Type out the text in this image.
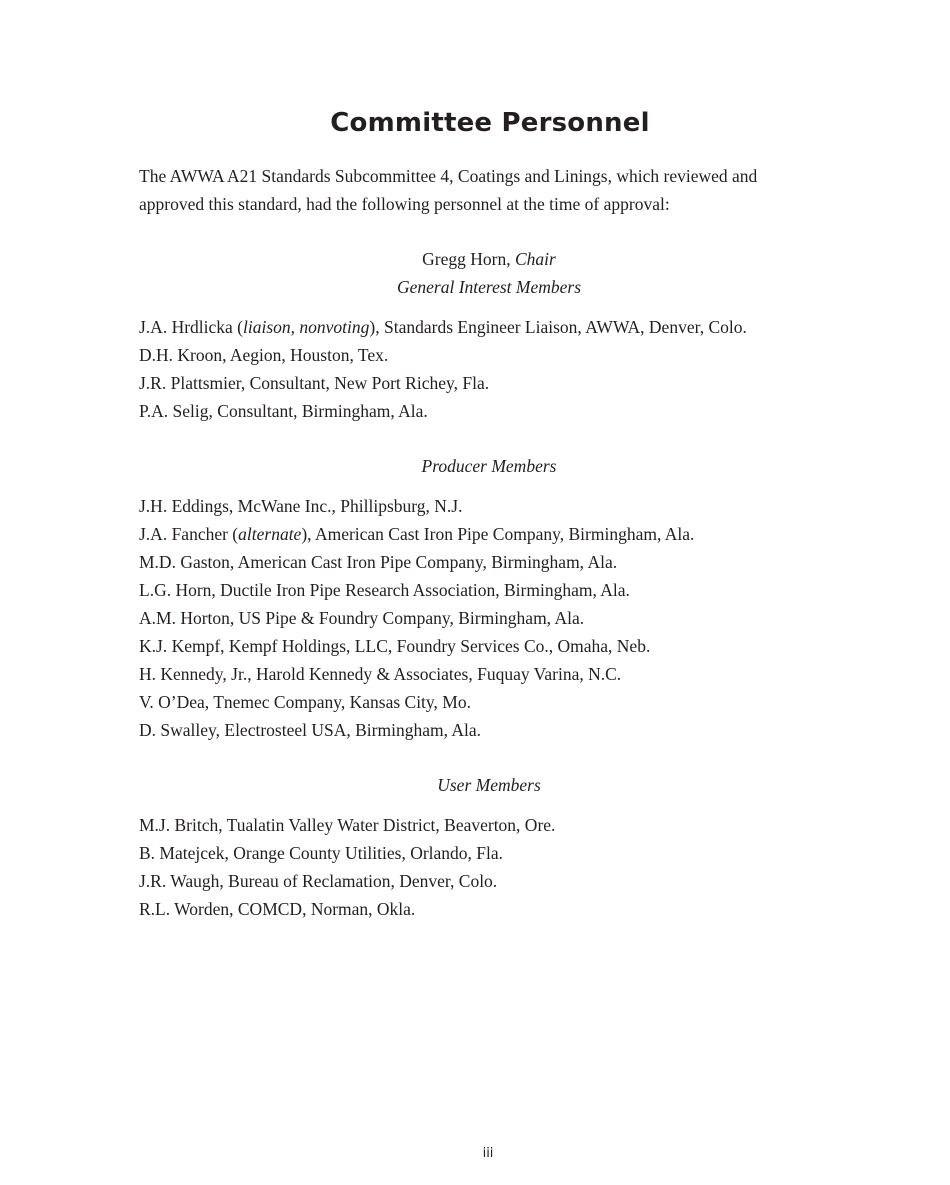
Committee Personnel

The AWWA A21 Standards Subcommittee 4, Coatings and Linings, which reviewed and approved this standard, had the following personnel at the time of approval:

Gregg Horn, Chair

General Interest Members

J.A. Hrdlicka (liaison, nonvoting), Standards Engineer Liaison, AWWA, Denver, Colo.
D.H. Kroon, Aegion, Houston, Tex.
J.R. Plattsmier, Consultant, New Port Richey, Fla.
P.A. Selig, Consultant, Birmingham, Ala.

Producer Members

J.H. Eddings, McWane Inc., Phillipsburg, N.J.
J.A. Fancher (alternate), American Cast Iron Pipe Company, Birmingham, Ala.
M.D. Gaston, American Cast Iron Pipe Company, Birmingham, Ala.
L.G. Horn, Ductile Iron Pipe Research Association, Birmingham, Ala.
A.M. Horton, US Pipe & Foundry Company, Birmingham, Ala.
K.J. Kempf, Kempf Holdings, LLC, Foundry Services Co., Omaha, Neb.
H. Kennedy, Jr., Harold Kennedy & Associates, Fuquay Varina, N.C.
V. O’Dea, Tnemec Company, Kansas City, Mo.
D. Swalley, Electrosteel USA, Birmingham, Ala.

User Members

M.J. Britch, Tualatin Valley Water District, Beaverton, Ore.
B. Matejcek, Orange County Utilities, Orlando, Fla.
J.R. Waugh, Bureau of Reclamation, Denver, Colo.
R.L. Worden, COMCD, Norman, Okla.
iii
